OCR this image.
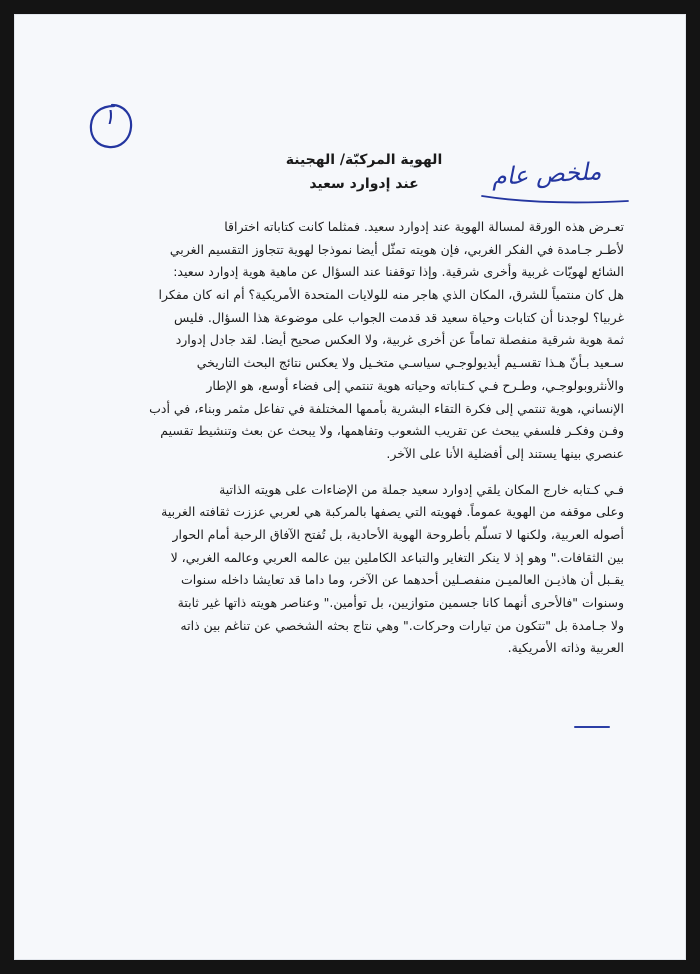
١
ملخص عام
الهوية المركبّة/ الهجينة
عند إدوارد سعيد

تعـرض هذه الورقة لمسالة الهوية عند إدوارد سعيد. فمثلما كانت كتاباته اختراقا

لأطـر جـامدة في الفكر الغربي، فإن هويته تمثّل أيضا نموذجا لهوية تتجاوز التقسيم الغربي

الشائع لهويّات غربية وأخرى شرقية. وإذا توقفنا عند السؤال عن ماهية هوية إدوارد سعيد:

هل كان منتمياً للشرق، المكان الذي هاجر منه للولايات المتحدة الأمريكية؟ أم انه كان مفكرا

غربيا؟ لوجدنا أن كتابات وحياة سعيد قد قدمت الجواب على موضوعة هذا السؤال. فليس

ثمة هوية شرقية منفصلة تماماً عن أخرى غربية، ولا العكس صحيح أيضا. لقد جادل إدوارد

سـعيد بـأنّ هـذا تقسـيم أيديولوجـي سياسـي متخـيل ولا يعكس نتائج البحث التاريخي

والأنثروبولوجـي، وطـرح فـي كـتاباته وحياته هوية تنتمي إلى فضاء أوسع، هو الإطار

الإنساني، هوية تنتمي إلى فكرة التقاء البشرية بأممها المختلفة في تفاعل مثمر وبناء، في أدب

وفـن وفكـر فلسفي يبحث عن تقريب الشعوب وتفاهمها، ولا يبحث عن بعث وتنشيط تقسيم

عنصري بينها يستند إلى أفضلية الأنا على الآخر.

فـي كـتابه خارج المكان يلقي إدوارد سعيد جملة من الإضاءات على هويته الذاتية

وعلى موقفه من الهوية عموماً. فهويته التي يصفها بالمركبة هي لعربي عززت ثقافته الغربية

أصوله العربية، ولكنها لا تسلّم بأطروحة الهوية الأحادية، بل تُفتح الآفاق الرحبة أمام الحوار

بين الثقافات." وهو إذ لا ينكر التغاير والتباعد الكاملين بين عالمه العربي وعالمه الغربي، لا

يقـبل أن هاذيـن العالميـن منفصـلين أحدهما عن الآخر، وما داما قد تعايشا داخله سنوات

وسنوات "فالأحرى أنهما كانا جسمين متوازيين، بل توأمين." وعناصر هويته ذاتها غير ثابتة

ولا جـامدة بل "تتكون من تيارات وحركات." وهي نتاج بحثه الشخصي عن تناغم بين ذاته

العربية وذاته الأمريكية.
